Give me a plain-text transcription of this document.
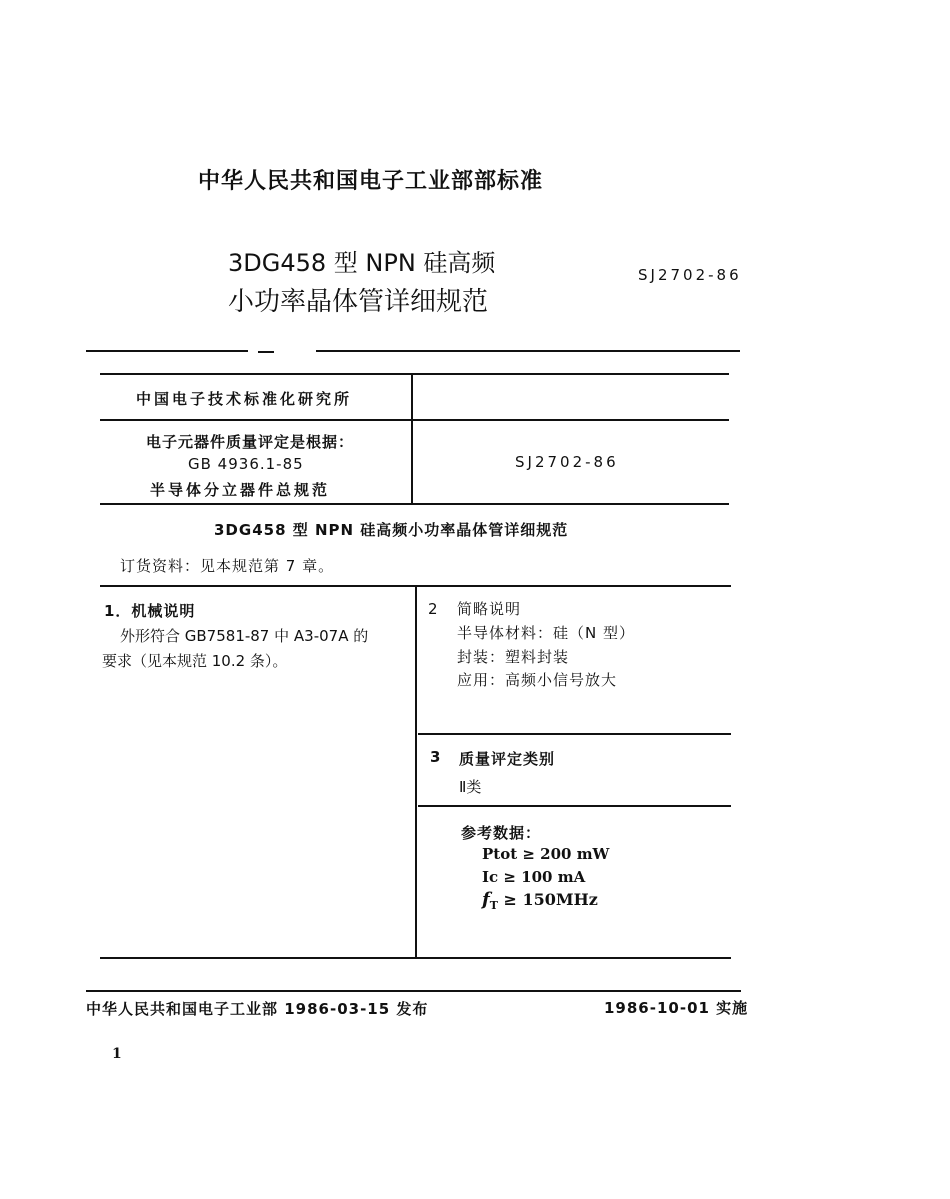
中华人民共和国电子工业部部标准
3DG458 型 NPN 硅高频
小功率晶体管详细规范
SJ2702-86
中国电子技术标准化研究所
电子元器件质量评定是根据：
GB 4936.1-85
半导体分立器件总规范
SJ2702-86
3DG458 型 NPN 硅高频小功率晶体管详细规范
订货资料：见本规范第 7 章。
1．机械说明
外形符合 GB7581-87 中 A3-07A 的
要求（见本规范 10.2 条）。
2 简略说明
半导体材料：硅（N 型）
封装：塑料封装
应用：高频小信号放大
3 质量评定类别
Ⅱ类
参考数据：
Ptot ≥ 200 mW
Ic ≥ 100 mA
$f_T \ge 150MHz$
中华人民共和国电子工业部 1986-03-15 发布	1986-10-01 实施
1
